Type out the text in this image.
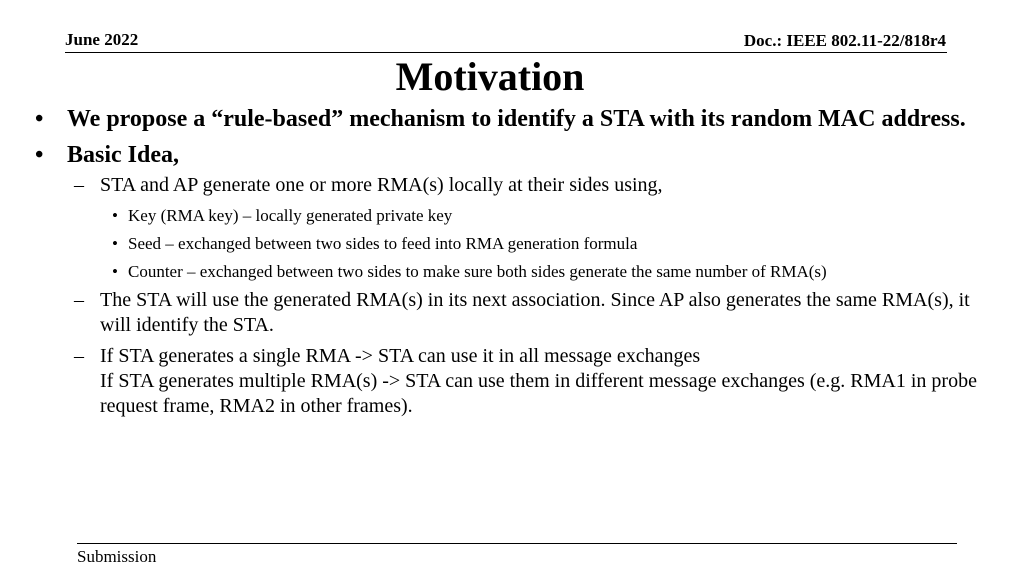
June 2022	Doc.: IEEE 802.11-22/818r4
Motivation
• We propose a “rule-based” mechanism to identify a STA with its random MAC address.
• Basic Idea,
– STA and AP generate one or more RMA(s) locally at their sides using,
• Key (RMA key) – locally generated private key
• Seed – exchanged between two sides to feed into RMA generation formula
• Counter – exchanged between two sides to make sure both sides generate the same number of RMA(s)
– The STA will use the generated RMA(s) in its next association. Since AP also generates the same RMA(s), it will identify the STA.
– If STA generates a single RMA -> STA can use it in all message exchanges
If STA generates multiple RMA(s) -> STA can use them in different message exchanges (e.g. RMA1 in probe request frame, RMA2 in other frames).
Submission
